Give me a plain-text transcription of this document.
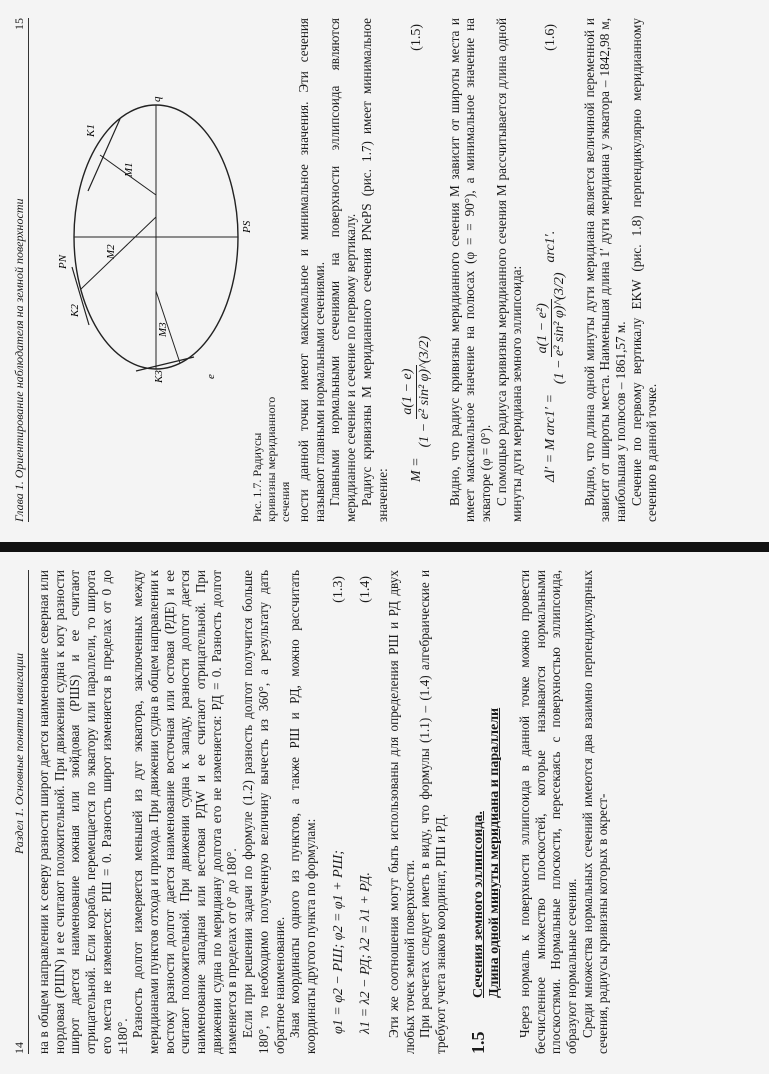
14
Раздел 1. Основные понятия навигации на в общем направлении к северу разности широт дается наименование северная или нордовая (РШN) и ее считают положительной. При движении судна к югу разности широт дается наименование южная или зюйдовая (РШS) и ее считают отрицательной. Если корабль перемещается по экватору или параллели, то широта его места не изменяется: РШ = 0. Разность широт изменяется в пределах от 0 до ±180°. Разность долгот измеряется меньшей из дуг экватора, заключенных между меридианами пунктов отхода и прихода. При движении судна в общем направлении к востоку разности долгот дается наименование восточная или остовая (РДE) и ее считают положительной. При движении судна к западу, разности долгот дается наименование западная или вестовая РДW и ее считают отрицательной. При движении судна по меридиану долгота его не изменяется: РД = 0. Разность долгот изменяется в пределах от 0° до 180°. Если при решении задачи по формуле (1.2) разность долгот получится больше 180°, то необходимо полученную величину вычесть из 360°, а результату дать обратное наименование. Зная координаты одного из пунктов, а также РШ и РД, можно рассчитать координаты другого пункта по формулам: φ1 = φ2 − РШ; φ2 = φ1 + РШ;
(1.3)
λ1 = λ2 − РД; λ2 = λ1 + РД.
(1.4) Эти же соотношения могут быть использованы для определения РШ и РД двух любых точек земной поверхности. При расчетах следует иметь в виду, что формулы (1.1) – (1.4) алгебраические и требуют учета знаков координат, РШ и РД. 1.5
Сечения земного эллипсоида. Длина одной минуты меридиана и параллели Через нормаль к поверхности эллипсоида в данной точке можно провести бесчисленное множество плоскостей, которые называются нормальными плоскостями. Нормальные плоскости, пересекаясь с поверхностью эллипсоида, образуют нормальные сечения. Среди множества нормальных сечений имеются два взаимно перпендикулярных сечения, радиусы кривизны которых в окрест-

Глава 1. Ориентирование наблюдателя на земной поверхности
15
PN
PS
K1
K2
K3
M1
M2
M3
q
e
Рис. 1.7. Радиусы кривизны меридианного сечения ности данной точки имеют максимальное и минимальное значения. Эти сечения называют главными нормальными сечениями. Главными нормальными сечениями на поверхности эллипсоида являются меридианное сечение и сечение по первому вертикалу. Радиус кривизны M меридианного сечения PNePS (рис. 1.7) имеет минимальное значение: M =
a(1 − e) (1 − e² sin² φ)^(3/2)
(1.5) Видно, что радиус кривизны меридианного сечения M зависит от широты места и имеет максимальное значение на полюсах (φ = = 90°), а минимальное значение на экваторе (φ = 0°). С помощью радиуса кривизны меридианного сечения M рассчитывается длина одной минуты дуги меридиана земного эллипсоида: Δl′ = M arc1′ =
a(1 − e²) (1 − e² sin² φ)^(3/2)
arc1′.
(1.6) Видно, что длина одной минуты дуги меридиана является величиной переменной и зависит от широты места. Наименьшая длина 1′ дуги меридиана у экватора – 1842,98 м, наибольшая у полюсов – 1861,57 м. Сечение по первому вертикалу EKW (рис. 1.8) перпендикулярно меридианному сечению в данной точке.
